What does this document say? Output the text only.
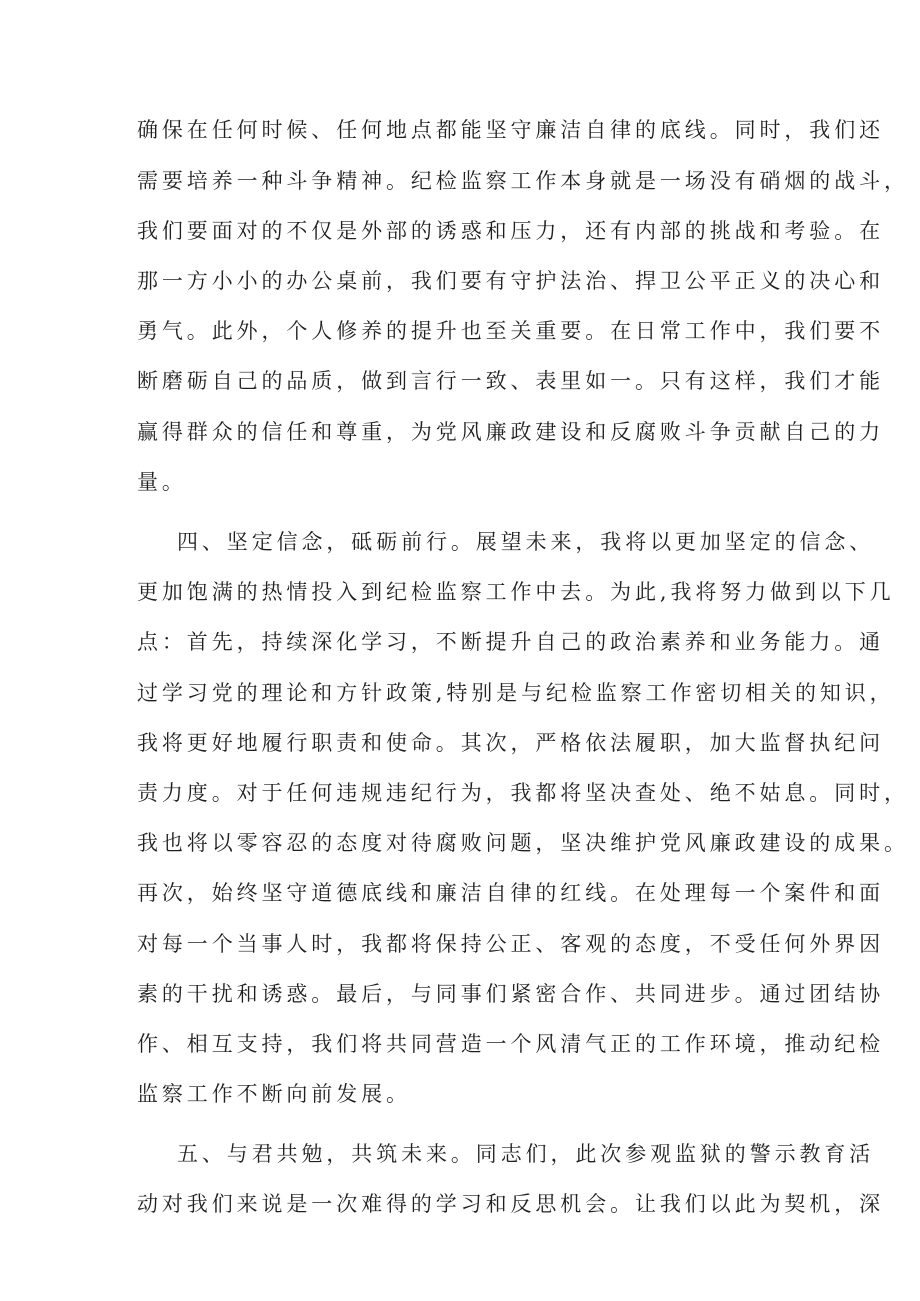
确保在任何时候、任何地点都能坚守廉洁自律的底线。同时，我们还
需要培养一种斗争精神。纪检监察工作本身就是一场没有硝烟的战斗，
我们要面对的不仅是外部的诱惑和压力，还有内部的挑战和考验。在
那一方小小的办公桌前，我们要有守护法治、捍卫公平正义的决心和
勇气。此外，个人修养的提升也至关重要。在日常工作中，我们要不
断磨砺自己的品质，做到言行一致、表里如一。只有这样，我们才能
赢得群众的信任和尊重，为党风廉政建设和反腐败斗争贡献自己的力
量。
四、坚定信念，砥砺前行。展望未来，我将以更加坚定的信念、
更加饱满的热情投入到纪检监察工作中去。为此,我将努力做到以下几
点：首先，持续深化学习，不断提升自己的政治素养和业务能力。通
过学习党的理论和方针政策,特别是与纪检监察工作密切相关的知识，
我将更好地履行职责和使命。其次，严格依法履职，加大监督执纪问
责力度。对于任何违规违纪行为，我都将坚决查处、绝不姑息。同时，
我也将以零容忍的态度对待腐败问题，坚决维护党风廉政建设的成果。
再次，始终坚守道德底线和廉洁自律的红线。在处理每一个案件和面
对每一个当事人时，我都将保持公正、客观的态度，不受任何外界因
素的干扰和诱惑。最后，与同事们紧密合作、共同进步。通过团结协
作、相互支持，我们将共同营造一个风清气正的工作环境，推动纪检
监察工作不断向前发展。
五、与君共勉，共筑未来。同志们，此次参观监狱的警示教育活
动对我们来说是一次难得的学习和反思机会。让我们以此为契机，深
